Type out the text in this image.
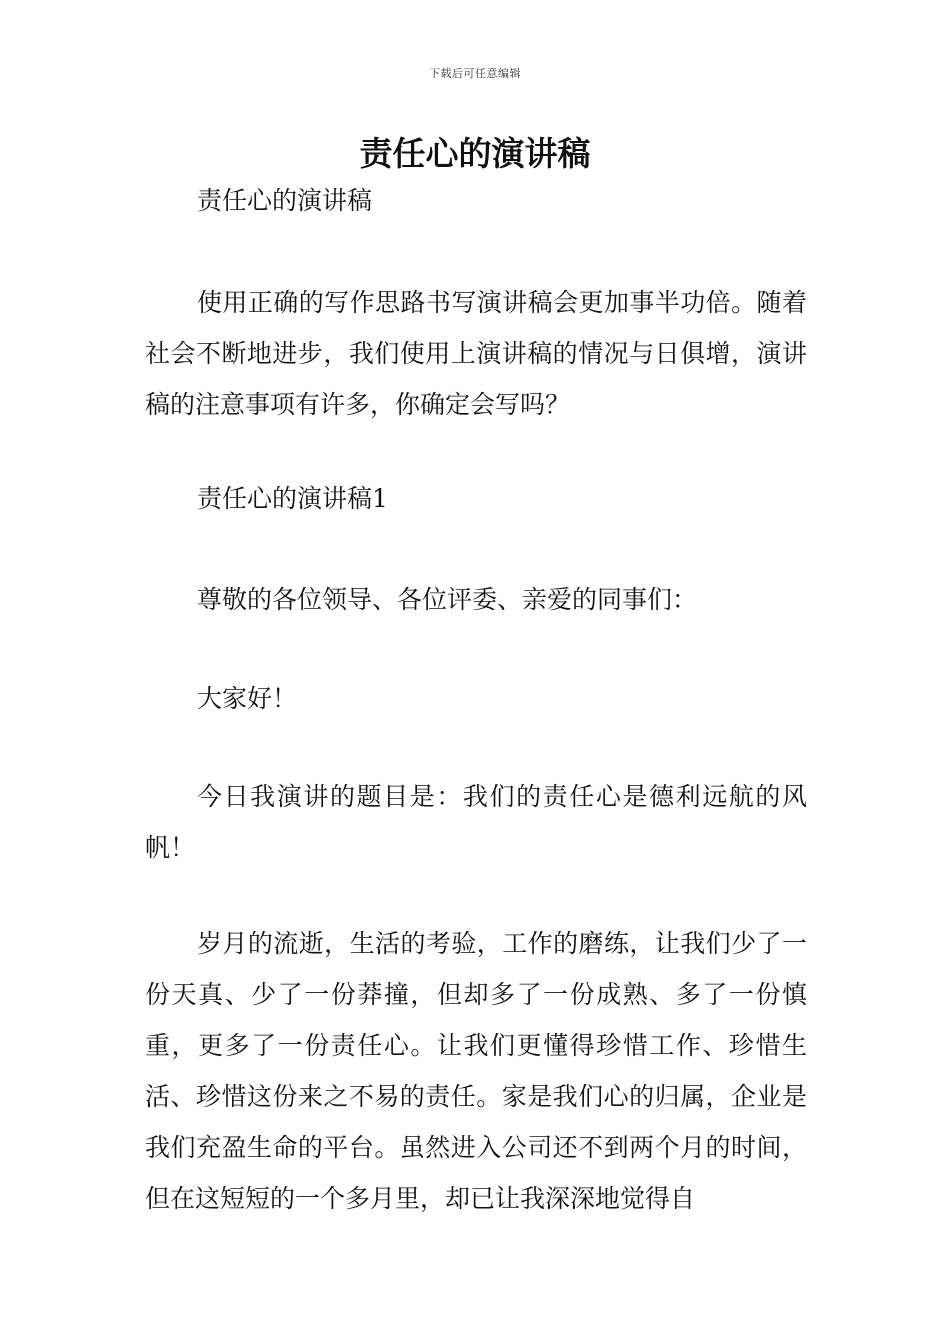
下载后可任意编辑
责任心的演讲稿

责任心的演讲稿

使用正确的写作思路书写演讲稿会更加事半功倍。随着社会不断地进步，我们使用上演讲稿的情况与日俱增，演讲稿的注意事项有许多，你确定会写吗？

责任心的演讲稿1

尊敬的各位领导、各位评委、亲爱的同事们：

大家好！

今日我演讲的题目是：我们的责任心是德利远航的风帆！

岁月的流逝，生活的考验，工作的磨练，让我们少了一份天真、少了一份莽撞，但却多了一份成熟、多了一份慎重，更多了一份责任心。让我们更懂得珍惜工作、珍惜生活、珍惜这份来之不易的责任。家是我们心的归属，企业是我们充盈生命的平台。虽然进入公司还不到两个月的时间，但在这短短的一个多月里，却已让我深深地觉得自
